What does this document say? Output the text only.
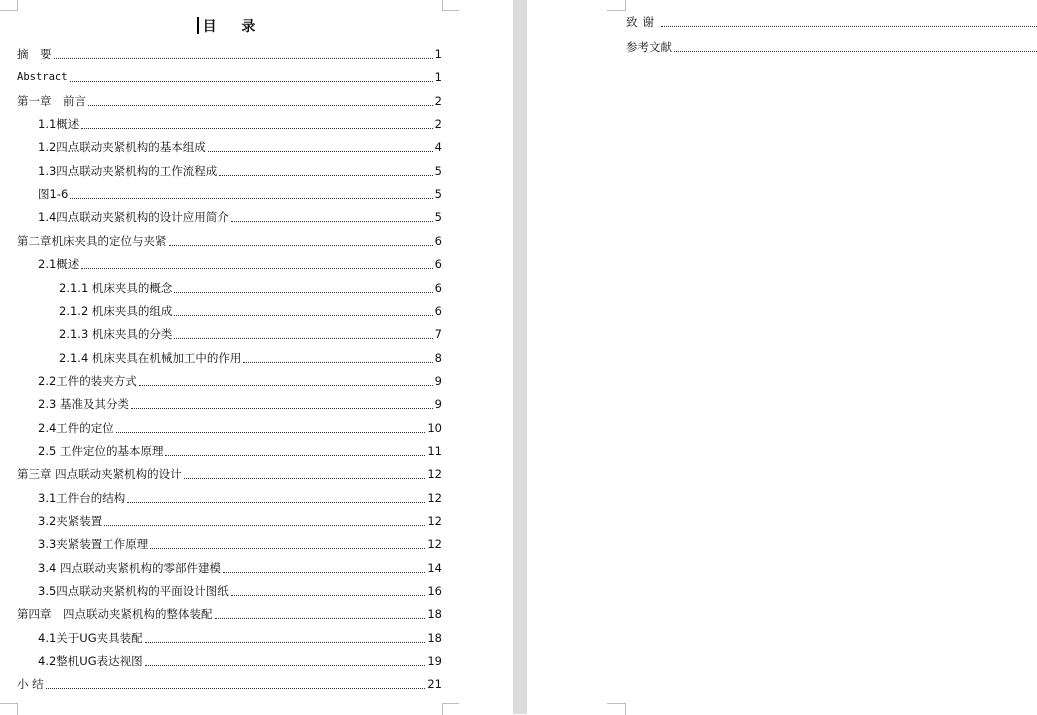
目 录
摘　要	1
Abstract	1
第一章　前言	2
1.1概述	2
1.2四点联动夹紧机构的基本组成	4
1.3四点联动夹紧机构的工作流程成	5
图1-6	5
1.4四点联动夹紧机构的设计应用简介	5
第二章机床夹具的定位与夹紧	6
2.1概述	6
2.1.1 机床夹具的概念	6
2.1.2 机床夹具的组成	6
2.1.3 机床夹具的分类	7
2.1.4 机床夹具在机械加工中的作用	8
2.2工件的装夹方式	9
2.3 基准及其分类	9
2.4工件的定位	10
2.5 工件定位的基本原理	11
第三章 四点联动夹紧机构的设计	12
3.1工件台的结构	12
3.2夹紧装置	12
3.3夹紧装置工作原理	12
3.4 四点联动夹紧机构的零部件建模	14
3.5四点联动夹紧机构的平面设计图纸	16
第四章　四点联动夹紧机构的整体装配	18
4.1关于UG夹具装配	18
4.2整机UG表达视图	19
小 结	21
致谢
参考文献
